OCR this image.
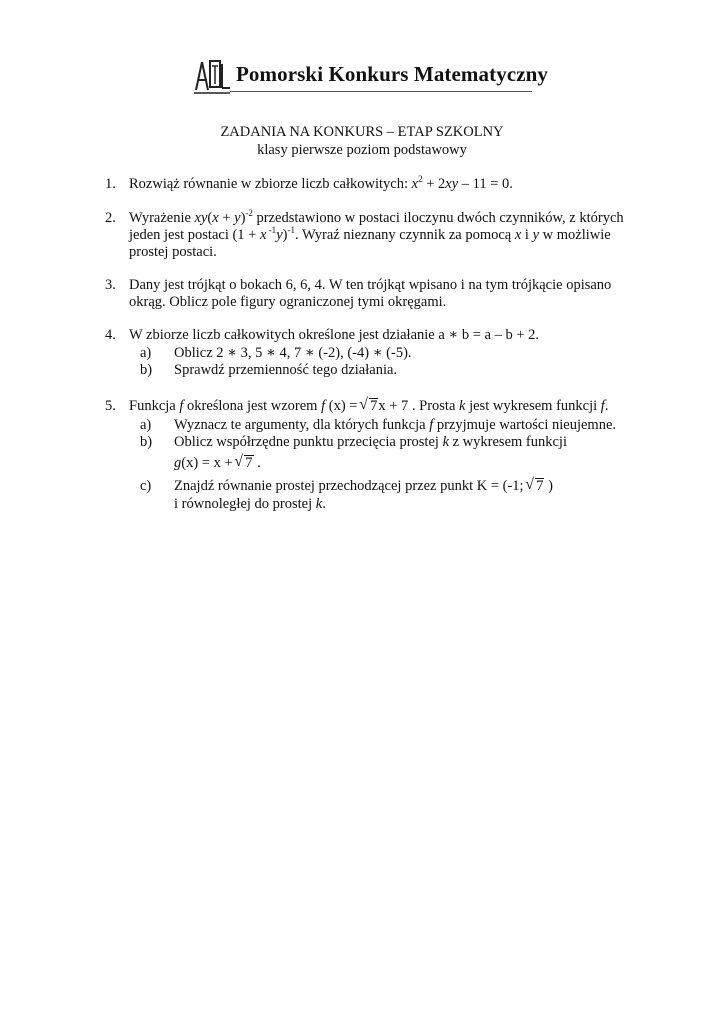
Pomorski Konkurs Matematyczny
ZADANIA NA KONKURS – ETAP SZKOLNY
klasy pierwsze poziom podstawowy
1. Rozwiąż równanie w zbiorze liczb całkowitych: $x^2 + 2xy - 11 = 0$.
2. Wyrażenie $xy(x + y)^{-2}$ przedstawiono w postaci iloczynu dwóch czynników, z których
jeden jest postaci (1 + x $^{-1}$y)$^{-1}$. Wyraź nieznany czynnik za pomocą x i y w możliwie
prostej postaci.
3. Dany jest trójkąt o bokach 6, 6, 4. W ten trójkąt wpisano i na tym trójkącie opisano
okrąg. Oblicz pole figury ograniczonej tymi okręgami.
4. W zbiorze liczb całkowitych określone jest działanie a ∗ b = a – b + 2.
a) Oblicz 2 ∗ 3, 5 ∗ 4, 7 ∗ (-2), (-4) ∗ (-5).
b) Sprawdź przemienność tego działania.
5. Funkcja f określona jest wzorem f (x) = √ 7x + 7 . Prosta k jest wykresem funkcji f.
a) Wyznacz te argumenty, dla których funkcja f przyjmuje wartości nieujemne.
b) Oblicz współrzędne punktu przecięcia prostej k z wykresem funkcji
g(x) = x + √ 7 .
c) Znajdź równanie prostej przechodzącej przez punkt K = (-1; √ 7 )
i równoległej do prostej k.
